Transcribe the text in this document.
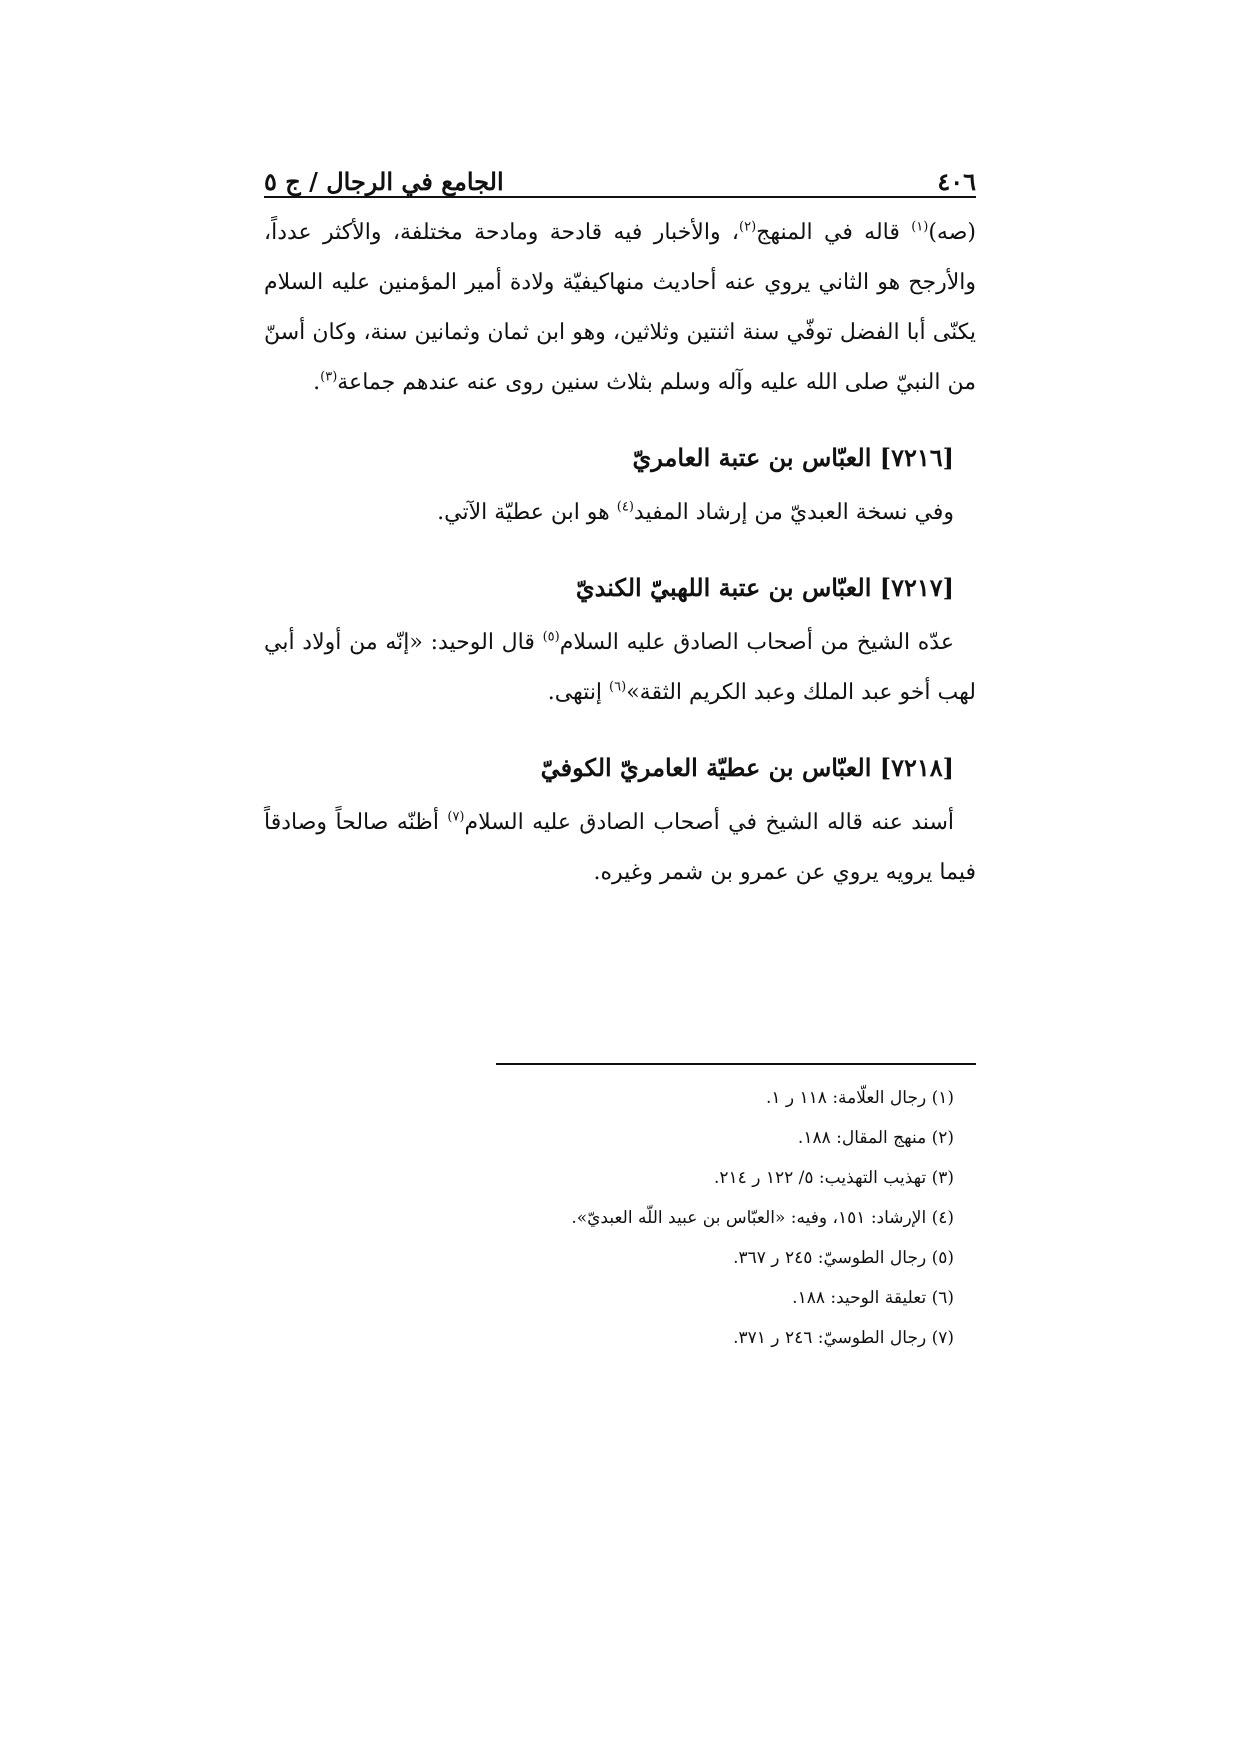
٤٠٦
الجامع في الرجال / ج ٥

(صه)$^{(١)}$ قاله في المنهج$^{(٢)}$، والأخبار فيه قادحة ومادحة مختلفة، والأكثر عدداً، والأرجح هو الثاني يروي عنه أحاديث منهاكيفيّة ولادة أمير المؤمنين عليه السلام يكنّى أبا الفضل توفّي سنة اثنتين وثلاثين، وهو ابن ثمان وثمانين سنة، وكان أسنّ من النبيّ صلى الله عليه وآله وسلم بثلاث سنين روى عنه عندهم جماعة$^{(٣)}$.

[٧٢١٦] العبّاس بن عتبة العامريّ

وفي نسخة العبديّ من إرشاد المفيد$^{(٤)}$ هو ابن عطيّة الآتي.

[٧٢١٧] العبّاس بن عتبة اللهبيّ الكنديّ

عدّه الشيخ من أصحاب الصادق عليه السلام$^{(٥)}$ قال الوحيد: «إنّه من أولاد أبي لهب أخو عبد الملك وعبد الكريم الثقة»$^{(٦)}$ إنتهى.

[٧٢١٨] العبّاس بن عطيّة العامريّ الكوفيّ

أسند عنه قاله الشيخ في أصحاب الصادق عليه السلام$^{(٧)}$ أظنّه صالحاً وصادقاً فيما يرويه يروي عن عمرو بن شمر وغيره.

(١) رجال العلّامة: ١١٨ ر ١.

(٢) منهج المقال: ١٨٨.

(٣) تهذيب التهذيب: ٥/ ١٢٢ ر ٢١٤.

(٤) الإرشاد: ١٥١، وفيه: «العبّاس بن عبيد اللّه العبديّ».

(٥) رجال الطوسيّ: ٢٤٥ ر ٣٦٧.

(٦) تعليقة الوحيد: ١٨٨.

(٧) رجال الطوسيّ: ٢٤٦ ر ٣٧١.
